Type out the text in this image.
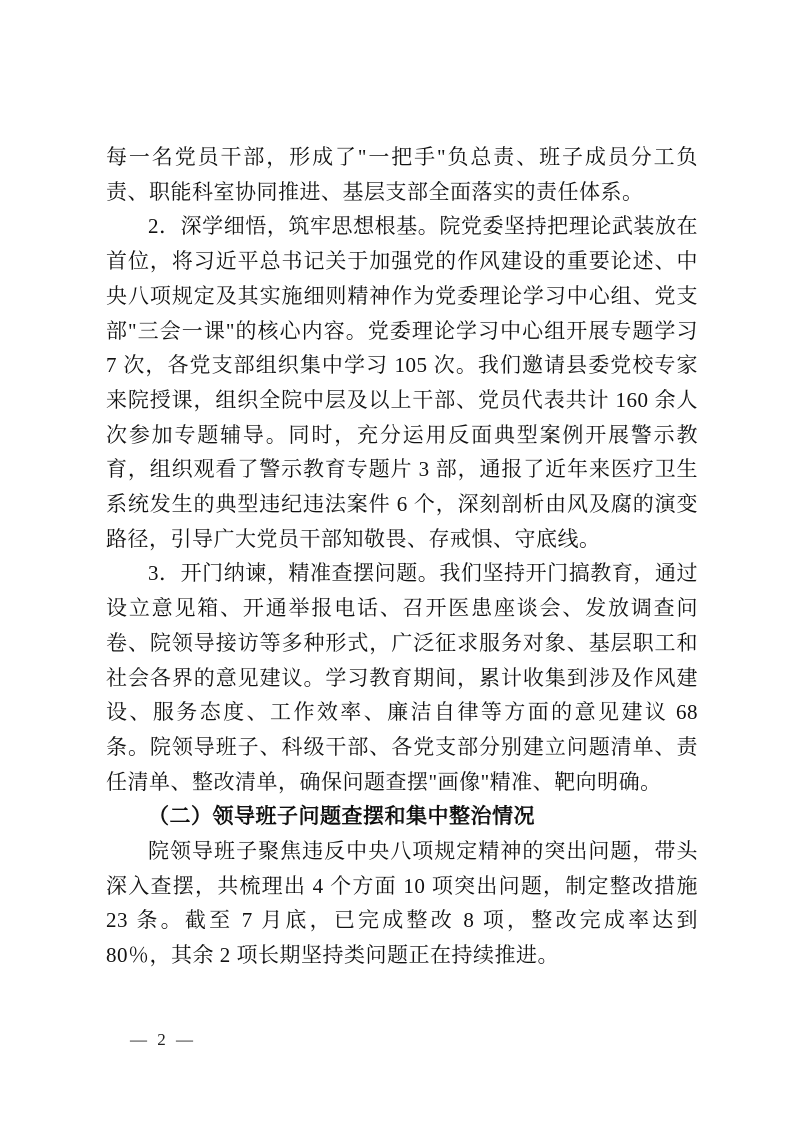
每一名党员干部，形成了"一把手"负总责、班子成员分工负责、职能科室协同推进、基层支部全面落实的责任体系。

2．深学细悟，筑牢思想根基。院党委坚持把理论武装放在首位，将习近平总书记关于加强党的作风建设的重要论述、中央八项规定及其实施细则精神作为党委理论学习中心组、党支部"三会一课"的核心内容。党委理论学习中心组开展专题学习 7 次，各党支部组织集中学习 105 次。我们邀请县委党校专家来院授课，组织全院中层及以上干部、党员代表共计 160 余人次参加专题辅导。同时，充分运用反面典型案例开展警示教育，组织观看了警示教育专题片 3 部，通报了近年来医疗卫生系统发生的典型违纪违法案件 6 个，深刻剖析由风及腐的演变路径，引导广大党员干部知敬畏、存戒惧、守底线。

3．开门纳谏，精准查摆问题。我们坚持开门搞教育，通过设立意见箱、开通举报电话、召开医患座谈会、发放调查问卷、院领导接访等多种形式，广泛征求服务对象、基层职工和社会各界的意见建议。学习教育期间，累计收集到涉及作风建设、服务态度、工作效率、廉洁自律等方面的意见建议 68 条。院领导班子、科级干部、各党支部分别建立问题清单、责任清单、整改清单，确保问题查摆"画像"精准、靶向明确。

（二）领导班子问题查摆和集中整治情况

院领导班子聚焦违反中央八项规定精神的突出问题，带头深入查摆，共梳理出 4 个方面 10 项突出问题，制定整改措施 23 条。截至 7 月底，已完成整改 8 项，整改完成率达到 80％，其余 2 项长期坚持类问题正在持续推进。

— 2 —
